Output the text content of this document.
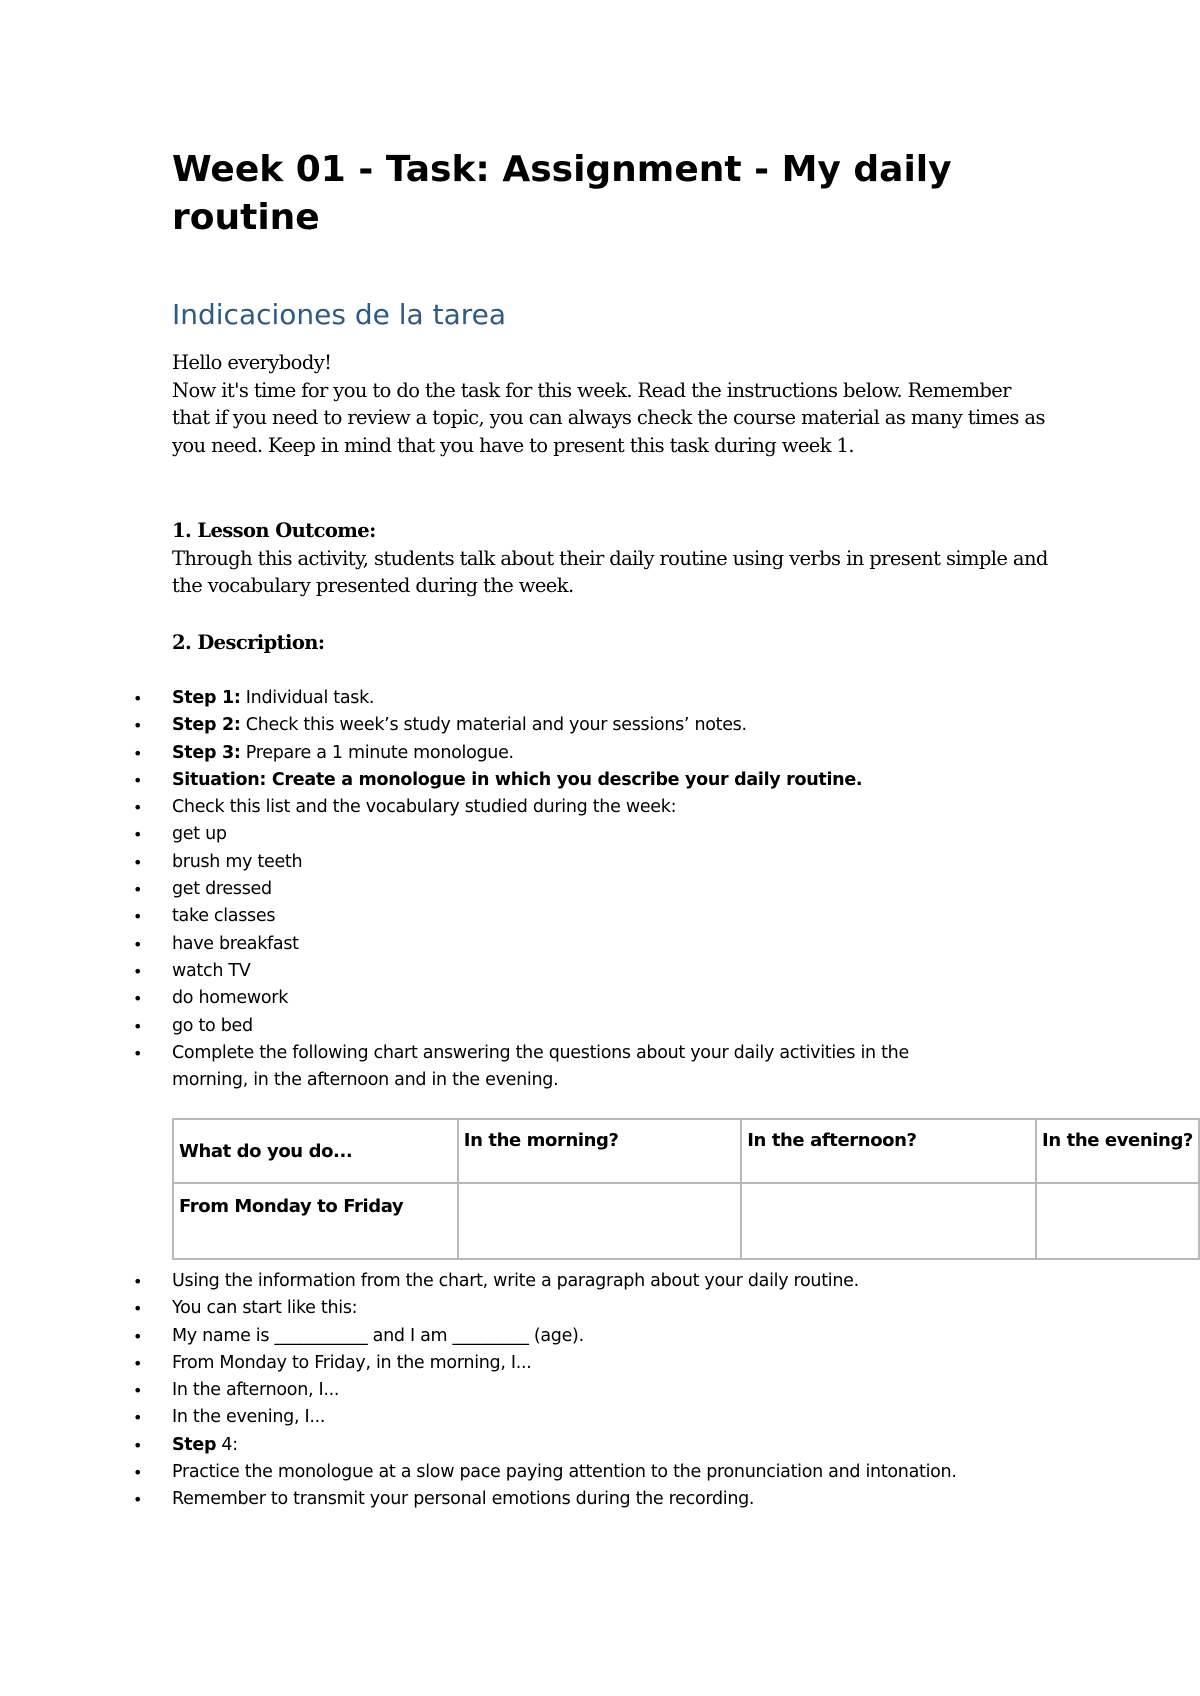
Week 01 - Task: Assignment - My daily routine
Indicaciones de la tarea

Hello everybody!

Now it's time for you to do the task for this week. Read the instructions below. Remember that if you need to review a topic, you can always check the course material as many times as you need. Keep in mind that you have to present this task during week 1.

1. Lesson Outcome:

Through this activity, students talk about their daily routine using verbs in present simple and the vocabulary presented during the week.

2. Description:

• Step 1: Individual task.
• Step 2: Check this week’s study material and your sessions’ notes.
• Step 3: Prepare a 1 minute monologue.
• Situation: Create a monologue in which you describe your daily routine.
• Check this list and the vocabulary studied during the week:
• get up
• brush my teeth
• get dressed
• take classes
• have breakfast
• watch TV
• do homework
• go to bed
• Complete the following chart answering the questions about your daily activities in the morning, in the afternoon and in the evening.
What do you do...	In the morning?	In the afternoon?	In the evening?
From Monday to Friday			
• Using the information from the chart, write a paragraph about your daily routine.
• You can start like this:
• My name is ___________ and I am _________ (age).
• From Monday to Friday, in the morning, I...
• In the afternoon, I...
• In the evening, I...
• Step 4:
• Practice the monologue at a slow pace paying attention to the pronunciation and intonation.
• Remember to transmit your personal emotions during the recording.
